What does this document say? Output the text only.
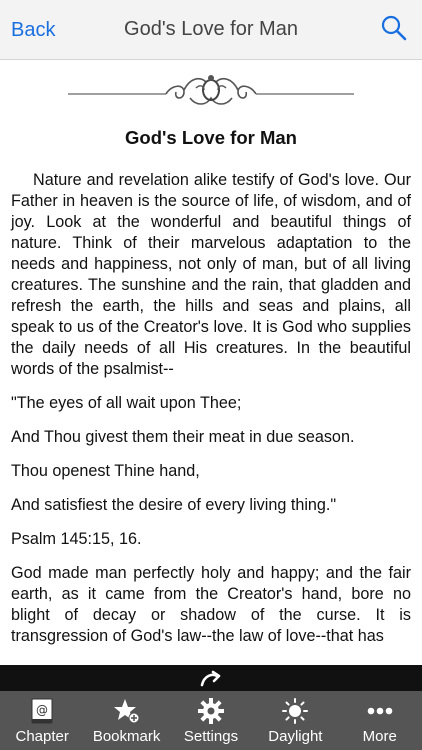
Back	God's Love for Man
God's Love for Man

Nature and revelation alike testify of God's love. Our Father in heaven is the source of life, of wisdom, and of joy. Look at the wonderful and beautiful things of nature. Think of their marvelous adaptation to the needs and happiness, not only of man, but of all living creatures. The sunshine and the rain, that gladden and refresh the earth, the hills and seas and plains, all speak to us of the Creator's love. It is God who supplies the daily needs of all His creatures. In the beautiful words of the psalmist--

"The eyes of all wait upon Thee;

And Thou givest them their meat in due season.

Thou openest Thine hand,

And satisfiest the desire of every living thing."

Psalm 145:15, 16.

God made man perfectly holy and happy; and the fair earth, as it came from the Creator's hand, bore no blight of decay or shadow of the curse. It is transgression of God's law--the law of love--that has

@
Chapter	Bookmark	Settings	Daylight	More
